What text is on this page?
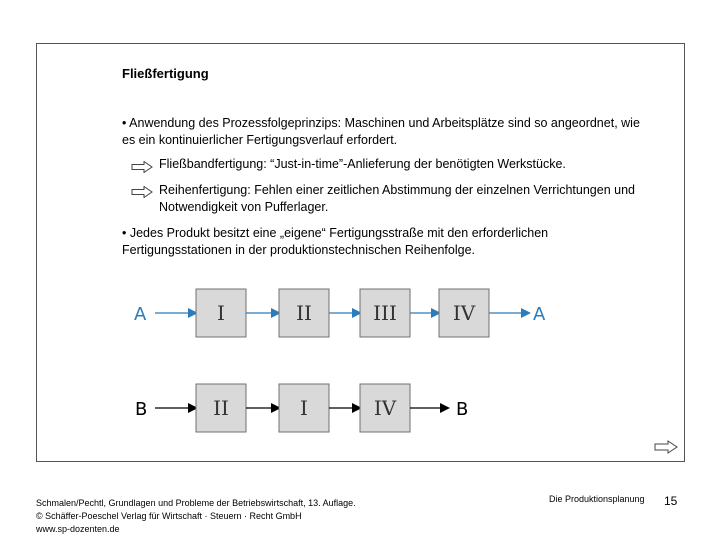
Fließfertigung
• Anwendung des Prozessfolgeprinzips: Maschinen und Arbeitsplätze sind so angeordnet, wie es ein kontinuierlicher Fertigungsverlauf erfordert.
Fließbandfertigung: “Just-in-time”-Anlieferung der benötigten Werkstücke.
Reihenfertigung: Fehlen einer zeitlichen Abstimmung der einzelnen Verrichtungen und Notwendigkeit von Pufferlager.
• Jedes Produkt besitzt eine „eigene“ Fertigungsstraße mit den erforderlichen Fertigungsstationen in der produktionstechnischen Reihenfolge.
A	I	II	III	IV	A
B	II	I	IV	B
Schmalen/Pechtl, Grundlagen und Probleme der Betriebswirtschaft, 13. Auflage.
© Schäffer-Poeschel Verlag für Wirtschaft · Steuern · Recht GmbH
www.sp-dozenten.de
Die Produktionsplanung 15
